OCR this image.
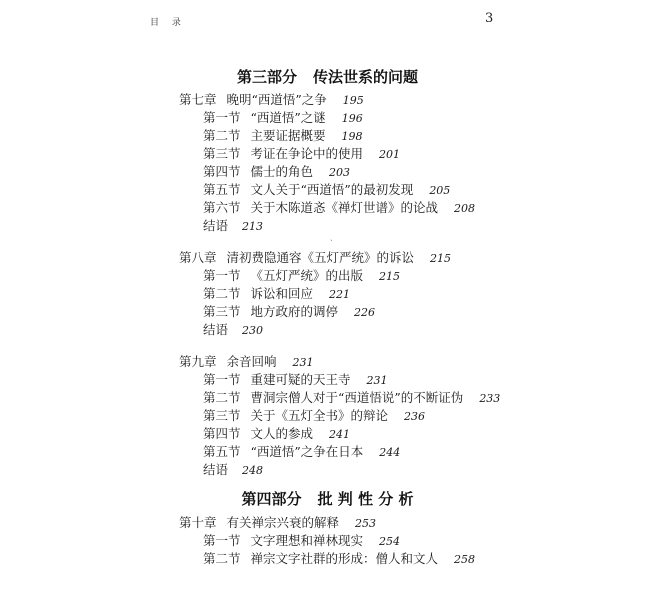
目 录	3
第三部分 传法世系的问题
第七章 晚明“西道悟”之争 195
第一节 “西道悟”之谜 196
第二节 主要证据概要 198
第三节 考证在争论中的使用 201
第四节 儒士的角色 203
第五节 文人关于“西道悟”的最初发现 205
第六节 关于木陈道忞《禅灯世谱》的论战 208
结语 213
ˏ
第八章 清初费隐通容《五灯严统》的诉讼 215
第一节 《五灯严统》的出版 215
第二节 诉讼和回应 221
第三节 地方政府的调停 226
结语 230
第九章 余音回响 231
第一节 重建可疑的天王寺 231
第二节 曹洞宗僧人对于“西道悟说”的不断证伪 233
第三节 关于《五灯全书》的辩论 236
第四节 文人的参成 241
第五节 “西道悟”之争在日本 244
结语 248
第四部分 批 判 性 分 析
第十章 有关禅宗兴衰的解释 253
第一节 文字理想和禅林现实 254
第二节 禅宗文字社群的形成：僧人和文人 258
